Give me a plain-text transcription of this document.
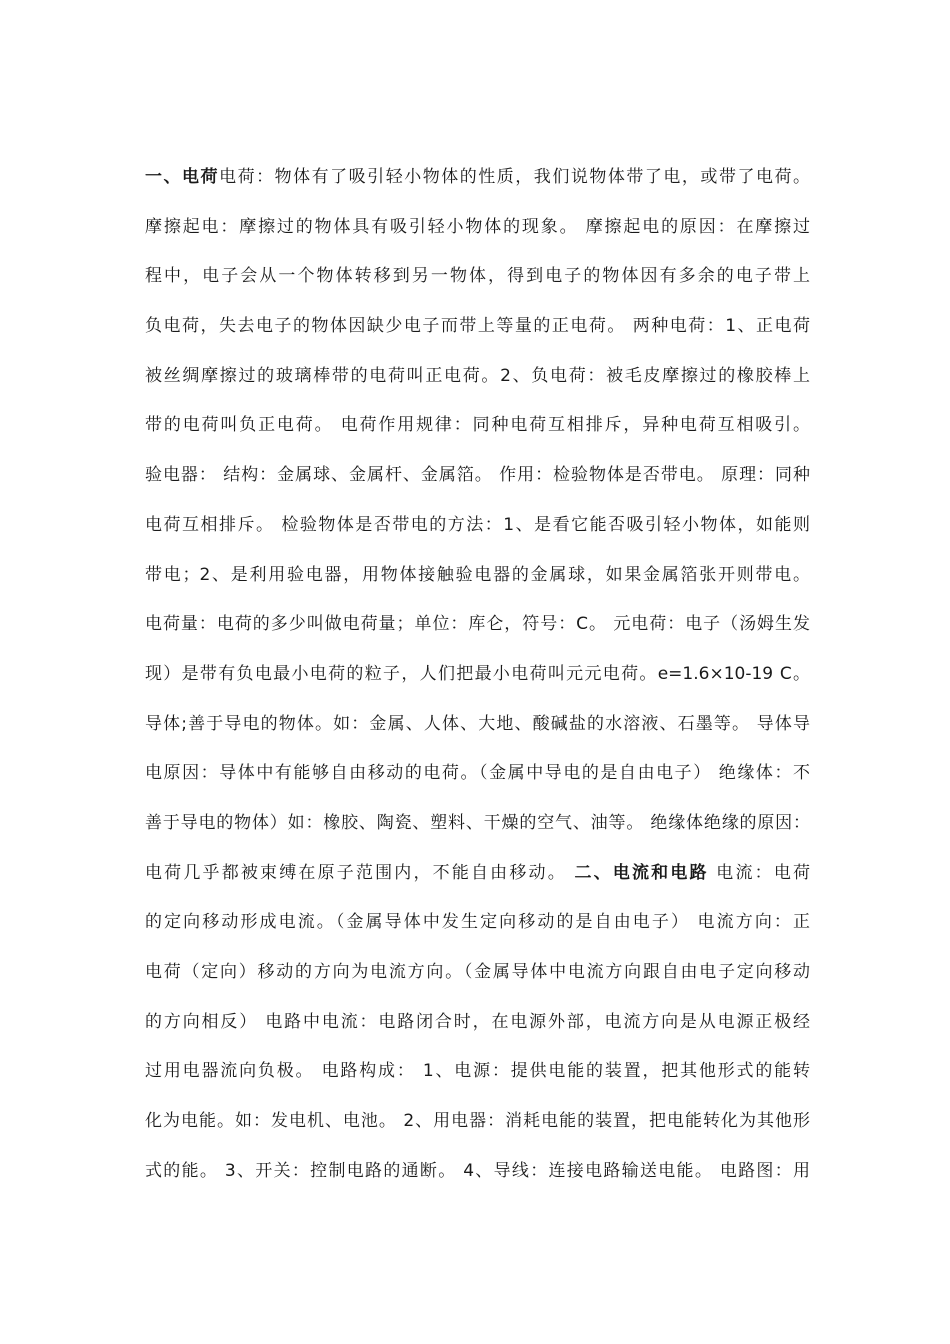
一、电荷电荷：物体有了吸引轻小物体的性质，我们说物体带了电，或带了电荷。
摩擦起电：摩擦过的物体具有吸引轻小物体的现象。 摩擦起电的原因：在摩擦过
程中，电子会从一个物体转移到另一物体，得到电子的物体因有多余的电子带上
负电荷，失去电子的物体因缺少电子而带上等量的正电荷。 两种电荷：1、正电荷
被丝绸摩擦过的玻璃棒带的电荷叫正电荷。2、负电荷：被毛皮摩擦过的橡胶棒上
带的电荷叫负正电荷。 电荷作用规律：同种电荷互相排斥，异种电荷互相吸引。
验电器： 结构：金属球、金属杆、金属箔。 作用：检验物体是否带电。 原理：同种
电荷互相排斥。 检验物体是否带电的方法：1、是看它能否吸引轻小物体，如能则
带电；2、是利用验电器，用物体接触验电器的金属球，如果金属箔张开则带电。
电荷量：电荷的多少叫做电荷量；单位：库仑，符号：C。 元电荷：电子（汤姆生发
现）是带有负电最小电荷的粒子，人们把最小电荷叫元元电荷。e=1.6×10-19 C。
导体;善于导电的物体。如：金属、人体、大地、酸碱盐的水溶液、石墨等。 导体导
电原因：导体中有能够自由移动的电荷。（金属中导电的是自由电子） 绝缘体：不
善于导电的物体）如：橡胶、陶瓷、塑料、干燥的空气、油等。 绝缘体绝缘的原因：
电荷几乎都被束缚在原子范围内，不能自由移动。 二、电流和电路 电流：电荷
的定向移动形成电流。（金属导体中发生定向移动的是自由电子） 电流方向：正
电荷（定向）移动的方向为电流方向。（金属导体中电流方向跟自由电子定向移动
的方向相反） 电路中电流：电路闭合时，在电源外部，电流方向是从电源正极经
过用电器流向负极。 电路构成： 1、电源：提供电能的装置，把其他形式的能转
化为电能。如：发电机、电池。 2、用电器：消耗电能的装置，把电能转化为其他形
式的能。 3、开关：控制电路的通断。 4、导线：连接电路输送电能。 电路图：用
